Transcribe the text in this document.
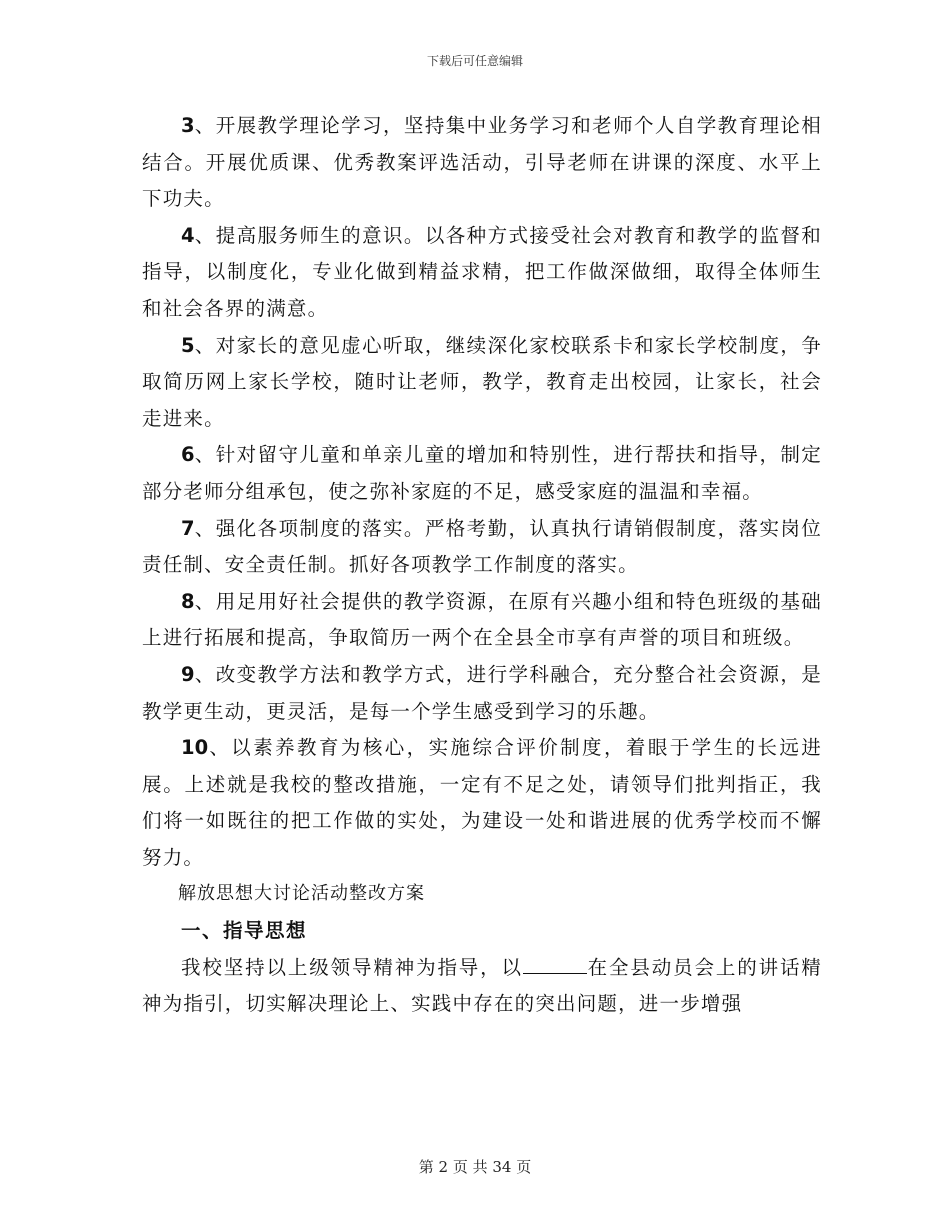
下载后可任意编辑

3、开展教学理论学习，坚持集中业务学习和老师个人自学教育理论相结合。开展优质课、优秀教案评选活动，引导老师在讲课的深度、水平上下功夫。

4、提高服务师生的意识。以各种方式接受社会对教育和教学的监督和指导，以制度化，专业化做到精益求精，把工作做深做细，取得全体师生和社会各界的满意。

5、对家长的意见虚心听取，继续深化家校联系卡和家长学校制度，争取简历网上家长学校，随时让老师，教学，教育走出校园，让家长，社会走进来。

6、针对留守儿童和单亲儿童的增加和特别性，进行帮扶和指导，制定部分老师分组承包，使之弥补家庭的不足，感受家庭的温温和幸福。

7、强化各项制度的落实。严格考勤，认真执行请销假制度，落实岗位责任制、安全责任制。抓好各项教学工作制度的落实。

8、用足用好社会提供的教学资源，在原有兴趣小组和特色班级的基础上进行拓展和提高，争取简历一两个在全县全市享有声誉的项目和班级。

9、改变教学方法和教学方式，进行学科融合，充分整合社会资源，是教学更生动，更灵活，是每一个学生感受到学习的乐趣。

10、以素养教育为核心，实施综合评价制度，着眼于学生的长远进展。上述就是我校的整改措施，一定有不足之处，请领导们批判指正，我们将一如既往的把工作做的实处，为建设一处和谐进展的优秀学校而不懈努力。

解放思想大讨论活动整改方案

一、指导思想

我校坚持以上级领导精神为指导，以	在全县动员会上的讲话精神为指引，切实解决理论上、实践中存在的突出问题，进一步增强

第 2 页 共 34 页
